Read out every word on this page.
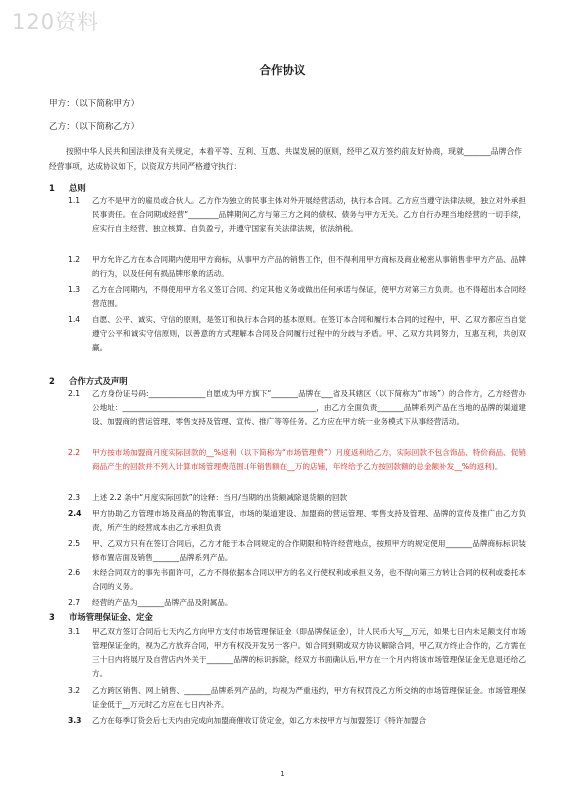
120资料
合作协议
甲方：（以下简称甲方）
乙方：（以下简称乙方）
按照中华人民共和国法律及有关规定，本着平等、互利、互惠、共谋发展的原则，经甲乙双方签约前友好协商，现就_______品牌合作经营事项，达成协议如下，以资双方共同严格遵守执行：
1 总则
1.1	乙方不是甲方的雇员或合伙人。乙方作为独立的民事主体对外开展经营活动，执行本合同。乙方应当遵守法律法规，独立对外承担民事责任。在合同期或经营“________品牌期间乙方与第三方之间的债权、债务与甲方无关。乙方自行办理当地经营的一切手续，应实行自主经营、独立核算、自负盈亏，并遵守国家有关法律法规，依法纳税。
1.2	甲方允许乙方在本合同期内使用甲方商标，从事甲方产品的销售工作，但不得利用甲方商标及商业秘密从事销售非甲方产品、品牌的行为，以及任何有损品牌形象的活动。
1.3	乙方在合同期内，不得使用甲方名义签订合同、约定其他义务或做出任何承诺与保证，使甲方对第三方负责。也不得超出本合同经营范围。
1.4	自愿、公平、诚实、守信的原则，是签订和执行本合同的基本原则。在签订本合同和履行本合同的过程中，甲、乙双方都应当自觉遵守公平和诚实守信原则，以善意的方式理解本合同及合同履行过程中的分歧与矛盾。甲、乙双方共同努力，互惠互利，共创双赢。
2 合作方式及声明
2.1	乙方身份证号码:_______________自愿成为甲方旗下“_______品牌在___省及其辖区（以下简称为“市场”）的合作方，乙方经营办公地址：___________________________________________________，由乙方全面负责_______品牌系列产品在当地的品牌的渠道建设、加盟商的营运管理、零售支持及管理、宣传、推广等等任务。乙方应在甲方统一业务模式下从事经营活动。
2.2	甲方按市场加盟商月度实际回款的__%返利（以下简称为“市场管理费”）月度返利给乙方，实际回款不包含饰品、特价商品、促销商品产生的回款并不列入计算市场管理费范围.(年销售额在__万的店铺，年终给予乙方按回款额的总金额补发__%的返利)。
2.3	上述 2.2 条中“月度实际回款”的诠释：当月/当期的出货额减除退货额的回款
2.4	甲方协助乙方管理市场及商品的物流事宜，市场的渠道建设、加盟商的营运管理、零售支持及管理、品牌的宣传及推广由乙方负责，所产生的经营成本由乙方承担负责
2.5	甲、乙双方只有在签订合同后，乙方才能于本合同规定的合作期限和特许经营地点，按照甲方的规定使用_______品牌商标标识装修布置店面及销售_______品牌系列产品。
2.6	未经合同双方的事先书面许可，乙方不得依据本合同以甲方的名义行使权利或承担义务，也不得向第三方转让合同的权利或委托本合同的义务。
2.7	经营的产品为_______品牌产品及附属品。
3 市场管理保证金、定金
3.1	甲乙双方签订合同后七天内乙方向甲方支付市场管理保证金（即品牌保证金），计人民币大写__万元，如果七日内未足额支付市场管理保证金的，视为乙方放弃合同，甲方有权没开发另一客户。如合同到期或双方协议解除合同，甲乙双方终止合作的，乙方需在三十日内将展厅及自营店内外关于_______品牌的标识拆除，经双方书面确认后,甲方在一个月内将该市场管理保证金无息退还给乙方。
3.2	乙方跨区销售、网上销售、_______品牌系列产品的，均视为严重违约，甲方有权罚没乙方所交纳的市场管理保证金。市场管理保证金低于__万元时乙方应在七日内补齐。
3.3	乙方在每季订货会后七天内由完成向加盟商催收订货定金，如乙方未按甲方与加盟签订《特许加盟合
1
